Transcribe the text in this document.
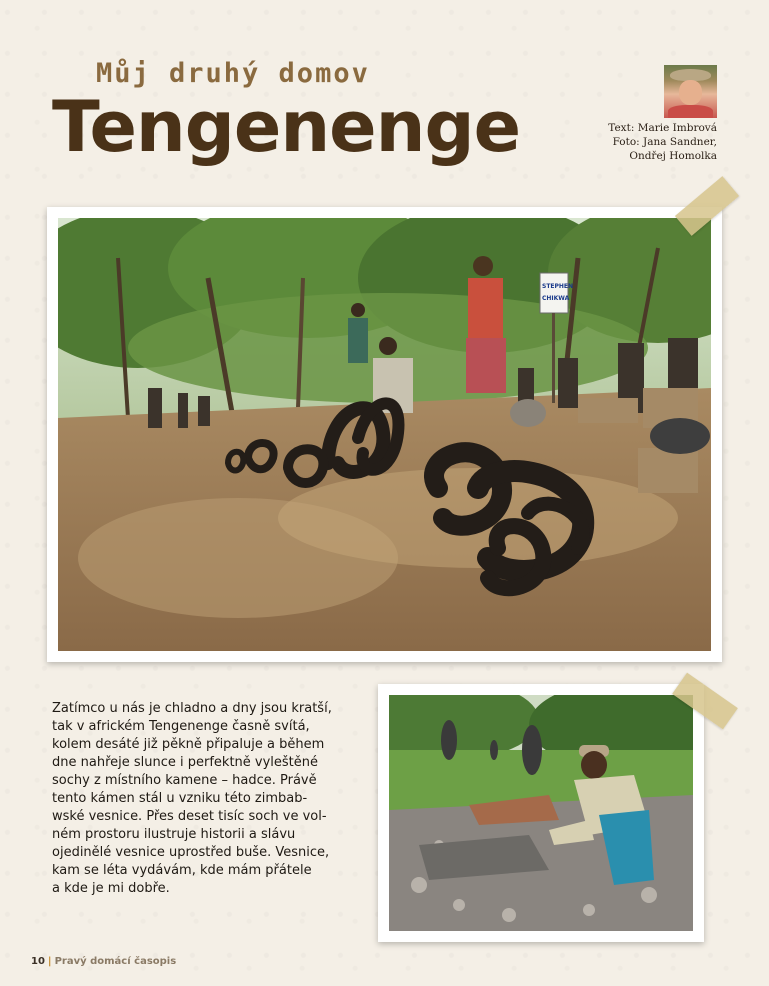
Můj druhý domov
Tengenenge	Text: Marie Imbrová
Foto: Jana Sandner,
Ondřej Homolka
STEPHEN
CHIKWA
Zatímco u nás je chladno a dny jsou kratší,
tak v africkém Tengenenge časně svítá,
kolem desáté již pěkně připaluje a během
dne nahřeje slunce i perfektně vyleštěné
sochy z místního kamene – hadce. Právě
tento kámen stál u vzniku této zimbab-
wské vesnice. Přes deset tisíc soch ve vol-
ném prostoru ilustruje historii a slávu
ojedinělé vesnice uprostřed buše. Vesnice,
kam se léta vydávám, kde mám přátele
a kde je mi dobře.
10 | Pravý domácí časopis
